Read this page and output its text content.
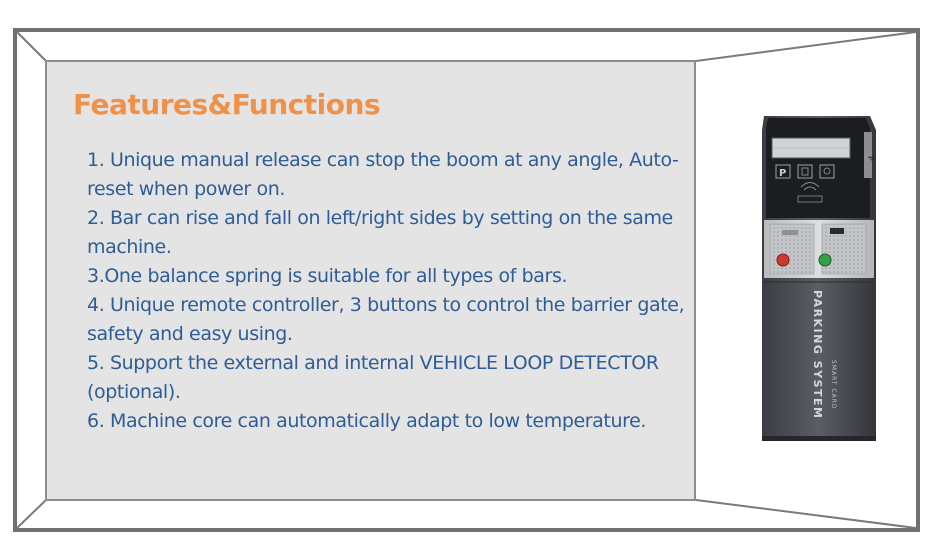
Features&Functions
1. Unique manual release can stop the boom at any angle, Auto-reset when power on.
2. Bar can rise and fall on left/right sides by setting on the same machine.
3.One balance spring is suitable for all types of bars.
4. Unique remote controller, 3 buttons to control the barrier gate, safety and easy using.
5. Support the external and internal VEHICLE LOOP DETECTOR (optional).
6. Machine core can automatically adapt to low temperature.
P
P
PARKING SYSTEM SMART CARD
